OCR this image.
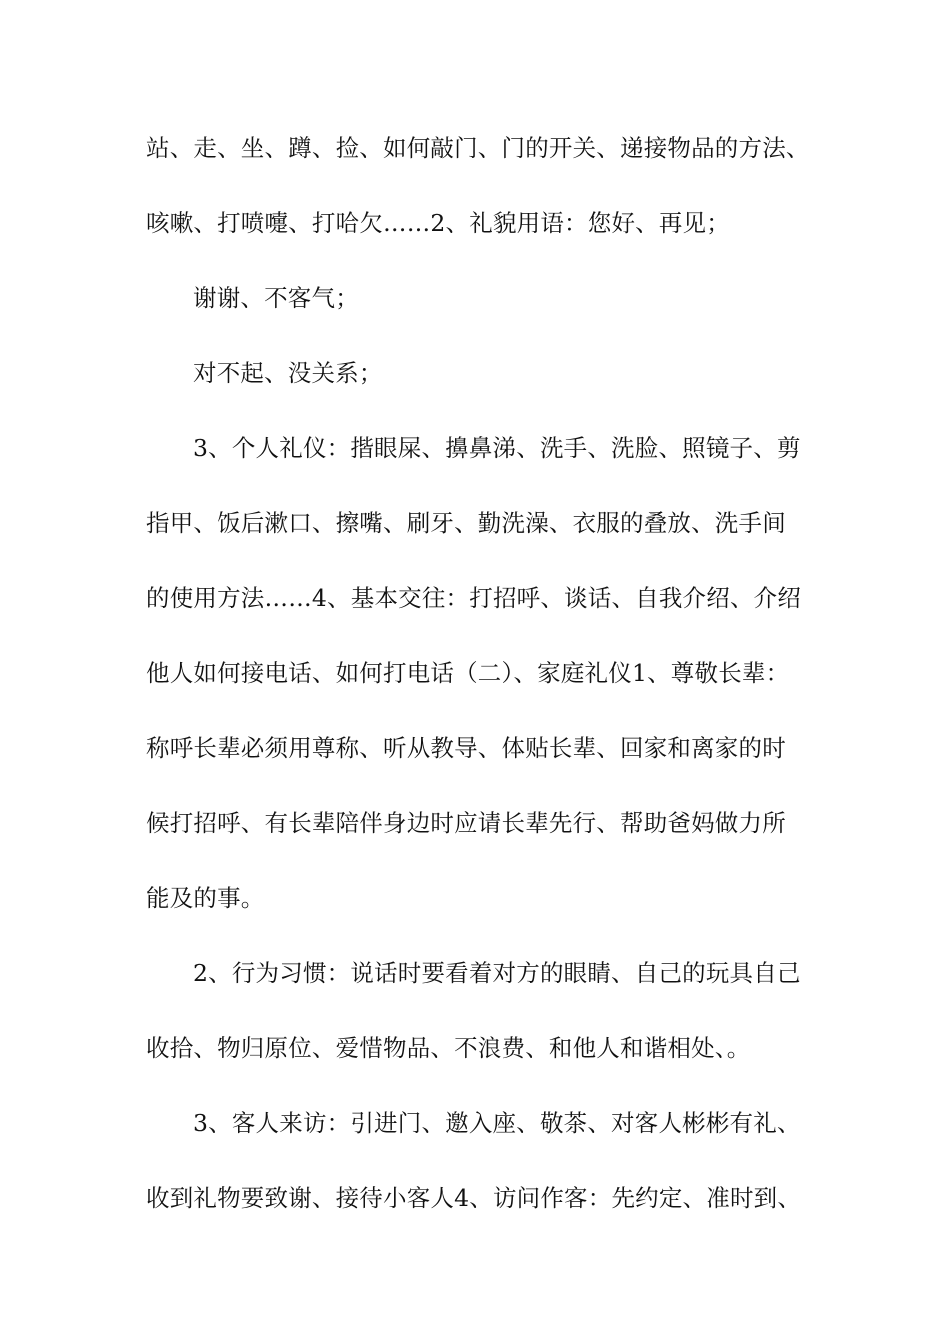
站、走、坐、蹲、捡、如何敲门、门的开关、递接物品的方法、
咳嗽、打喷嚏、打哈欠……2、礼貌用语：您好、再见；
谢谢、不客气；
对不起、没关系；
3、个人礼仪：揩眼屎、擤鼻涕、洗手、洗脸、照镜子、剪
指甲、饭后漱口、擦嘴、刷牙、勤洗澡、衣服的叠放、洗手间
的使用方法……4、基本交往：打招呼、谈话、自我介绍、介绍
他人如何接电话、如何打电话（二）、家庭礼仪1、尊敬长辈：
称呼长辈必须用尊称、听从教导、体贴长辈、回家和离家的时
候打招呼、有长辈陪伴身边时应请长辈先行、帮助爸妈做力所
能及的事。
2、行为习惯：说话时要看着对方的眼睛、自己的玩具自己
收拾、物归原位、爱惜物品、不浪费、和他人和谐相处、。
3、客人来访：引进门、邀入座、敬茶、对客人彬彬有礼、
收到礼物要致谢、接待小客人4、访问作客：先约定、准时到、
